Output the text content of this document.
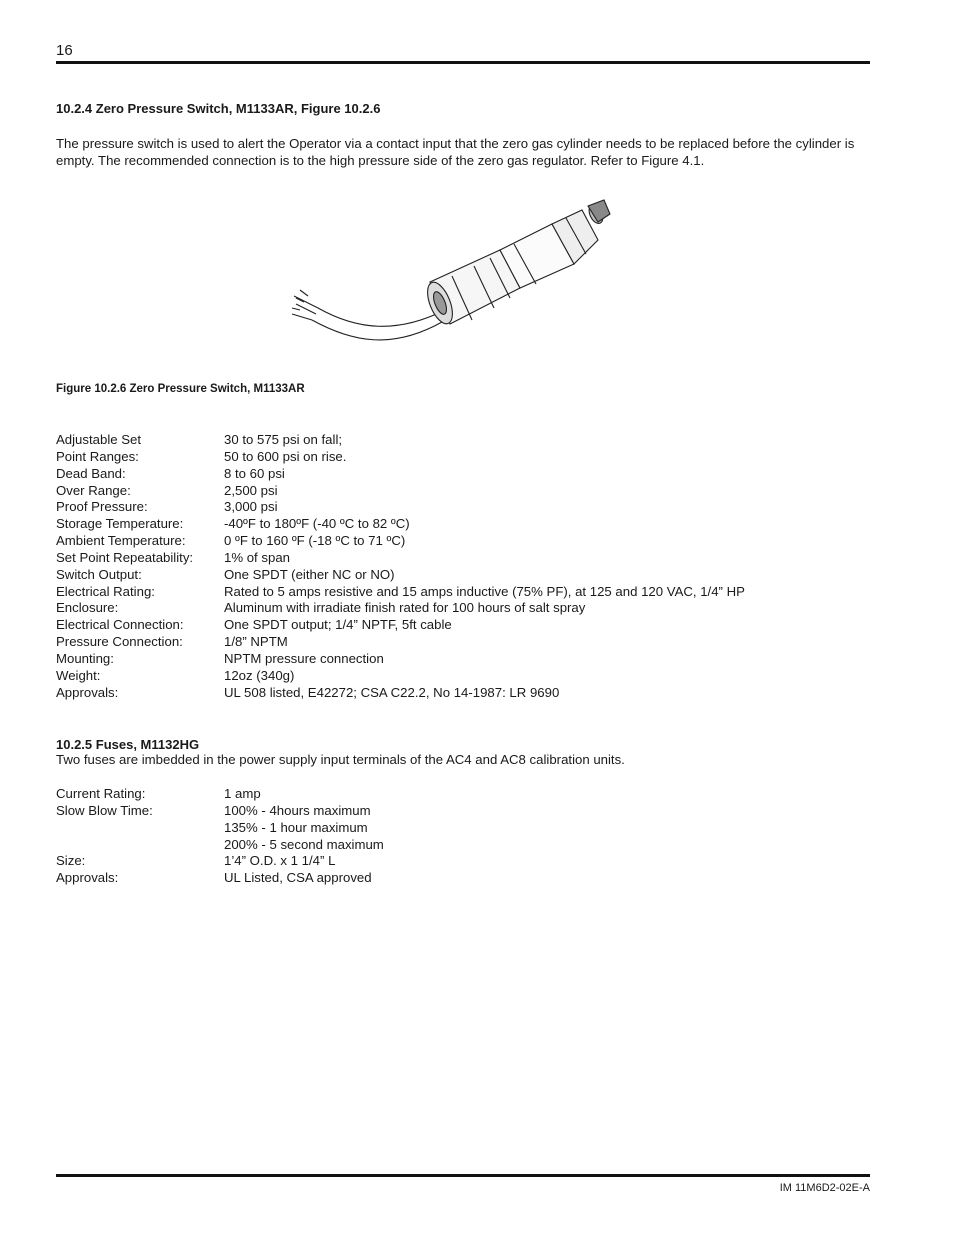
16
10.2.4 Zero Pressure Switch, M1133AR, Figure 10.2.6
The pressure switch is used to alert the Operator via a contact input that the zero gas cylinder needs to be replaced before the cylinder is empty. The recommended connection is to the high pressure side of the zero gas regulator. Refer to Figure 4.1.
Figure 10.2.6 Zero Pressure Switch, M1133AR
Adjustable Set	30 to 575 psi on fall;
Point Ranges:	50 to 600 psi on rise.
Dead Band:	8 to 60 psi
Over Range:	2,500 psi
Proof Pressure:	3,000 psi
Storage Temperature:	-40ºF to 180ºF (-40 ºC to 82 ºC)
Ambient Temperature:	0 ºF to 160 ºF (-18 ºC to 71 ºC)
Set Point Repeatability:	1% of span
Switch Output:	One SPDT (either NC or NO)
Electrical Rating:	Rated to 5 amps resistive and 15 amps inductive (75% PF), at 125 and 120 VAC, 1/4” HP
Enclosure:	Aluminum with irradiate finish rated for 100 hours of salt spray
Electrical Connection:	One SPDT output; 1/4” NPTF, 5ft cable
Pressure Connection:	1/8” NPTM
Mounting:	NPTM pressure connection
Weight:	12oz (340g)
Approvals:	UL 508 listed, E42272; CSA C22.2, No 14-1987: LR 9690
10.2.5 Fuses, M1132HG
Two fuses are imbedded in the power supply input terminals of the AC4 and AC8 calibration units.
Current Rating:	1 amp
Slow Blow Time:	100% - 4hours maximum
135% - 1 hour maximum
200% - 5 second maximum
Size:	1’4” O.D. x 1 1/4” L
Approvals:	UL Listed, CSA approved
IM 11M6D2-02E-A
